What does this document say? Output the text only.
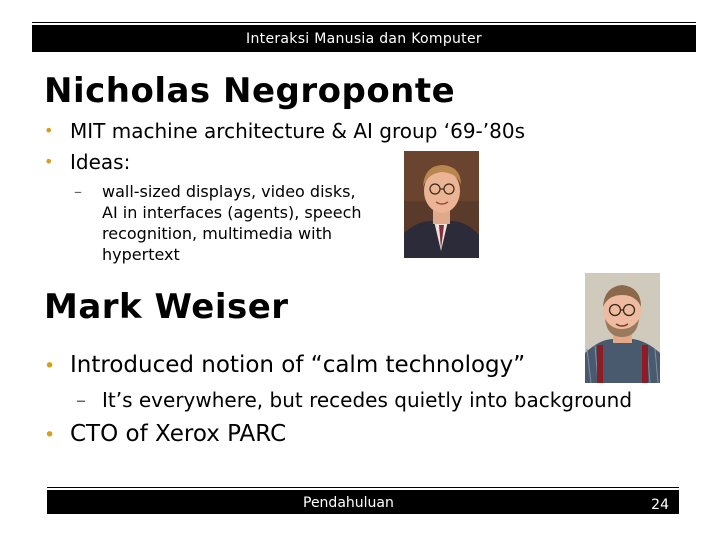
Interaksi Manusia dan Komputer
Nicholas Negroponte
• MIT machine architecture & AI group ‘69-’80s
• Ideas:
– wall-sized displays, video disks, AI in interfaces (agents), speech recognition, multimedia with hypertext
Mark Weiser
• Introduced notion of “calm technology”
– It’s everywhere, but recedes quietly into background
• CTO of Xerox PARC
Pendahuluan	24
